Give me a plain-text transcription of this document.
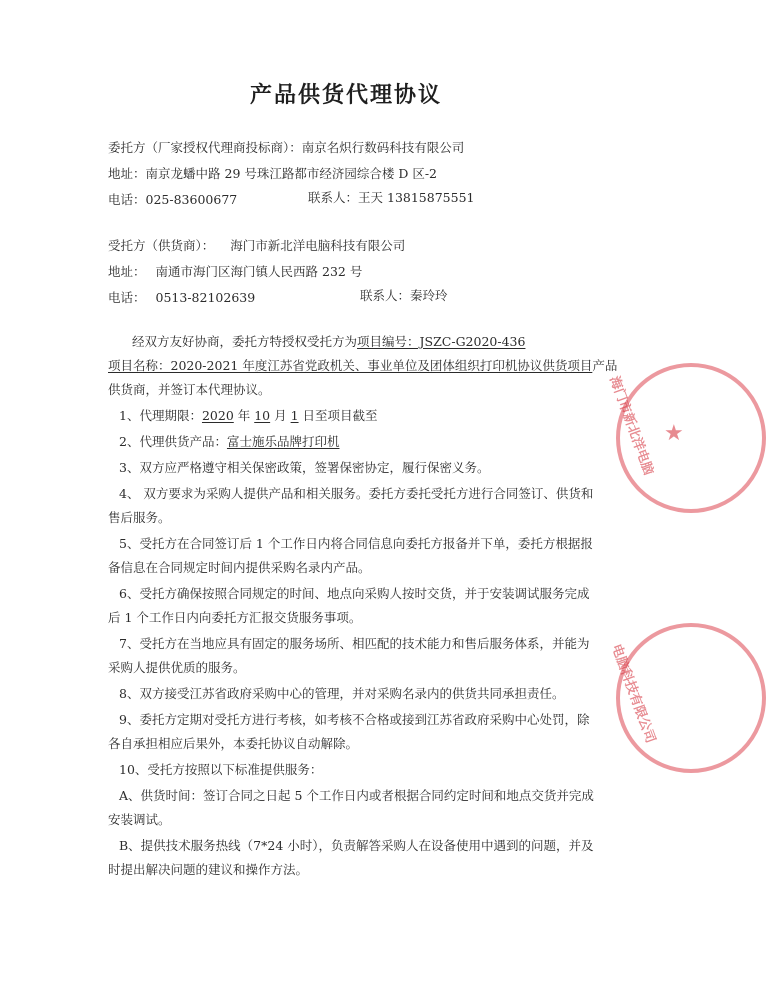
产品供货代理协议
委托方（厂家授权代理商投标商）：南京名炽行数码科技有限公司
地址：南京龙蟠中路 29 号珠江路都市经济园综合楼 D 区-2
电话：025-83600677	联系人：王天 13815875551
受托方（供货商）： 海门市新北洋电脑科技有限公司
地址： 南通市海门区海门镇人民西路 232 号
电话： 0513-82102639	联系人：秦玲玲
经双方友好协商，委托方特授权受托方为项目编号：JSZC-G2020-436
项目名称：2020-2021 年度江苏省党政机关、事业单位及团体组织打印机协议供货项目产品
供货商，并签订本代理协议。
1、代理期限：2020 年 10 月 1 日至项目截至
2、代理供货产品：富士施乐品牌打印机
3、双方应严格遵守相关保密政策，签署保密协定，履行保密义务。
4、 双方要求为采购人提供产品和相关服务。委托方委托受托方进行合同签订、供货和
售后服务。
5、受托方在合同签订后 1 个工作日内将合同信息向委托方报备并下单，委托方根据报
备信息在合同规定时间内提供采购名录内产品。
6、受托方确保按照合同规定的时间、地点向采购人按时交货，并于安装调试服务完成
后 1 个工作日内向委托方汇报交货服务事项。
7、受托方在当地应具有固定的服务场所、相匹配的技术能力和售后服务体系，并能为
采购人提供优质的服务。
8、双方接受江苏省政府采购中心的管理，并对采购名录内的供货共同承担责任。
9、委托方定期对受托方进行考核，如考核不合格或接到江苏省政府采购中心处罚，除
各自承担相应后果外，本委托协议自动解除。
10、受托方按照以下标准提供服务：
A、供货时间：签订合同之日起 5 个工作日内或者根据合同约定时间和地点交货并完成
安装调试。
B、提供技术服务热线（7*24 小时），负责解答采购人在设备使用中遇到的问题，并及
时提出解决问题的建议和操作方法。
海门市新北洋电脑 ★
电脑科技有限公司
